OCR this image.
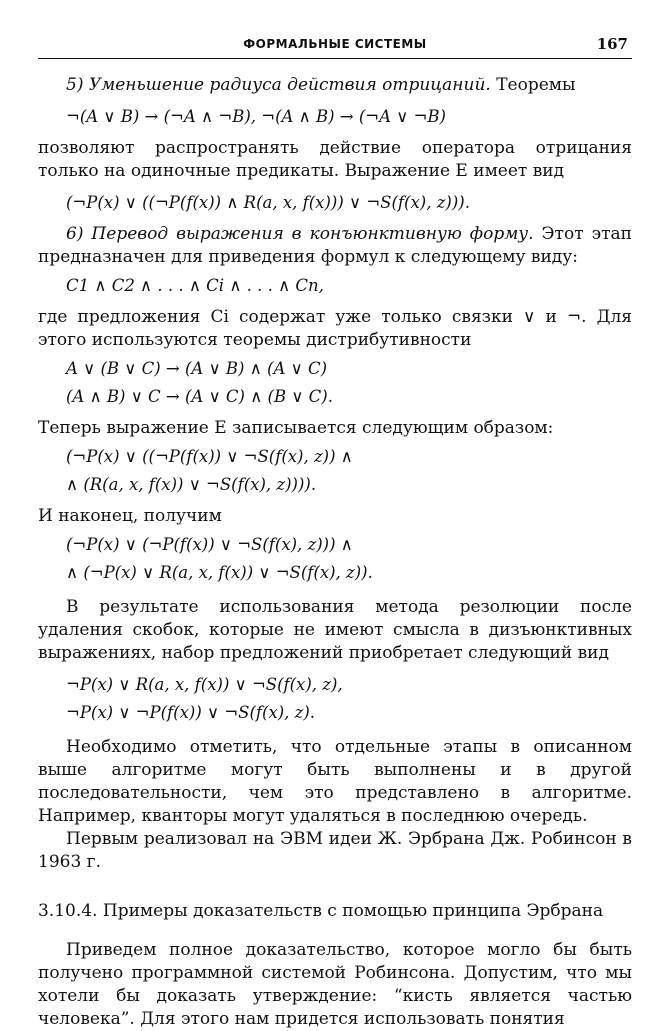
ФОРМАЛЬНЫЕ СИСТЕМЫ	167

5) Уменьшение радиуса действия отрицаний. Теоремы

¬(A ∨ B) → (¬A ∧ ¬B), ¬(A ∧ B) → (¬A ∨ ¬B)

позволяют распространять действие оператора отрицания только на одиночные предикаты. Выражение E имеет вид

(¬P(x) ∨ ((¬P(f(x)) ∧ R(a, x, f(x))) ∨ ¬S(f(x), z))).

6) Перевод выражения в конъюнктивную форму. Этот этап предназначен для приведения формул к следующему виду:

C1 ∧ C2 ∧ . . . ∧ Ci ∧ . . . ∧ Cn,

где предложения Ci содержат уже только связки ∨ и ¬. Для этого используются теоремы дистрибутивности

A ∨ (B ∨ C) → (A ∨ B) ∧ (A ∨ C)

(A ∧ B) ∨ C → (A ∨ C) ∧ (B ∨ C).

Теперь выражение E записывается следующим образом:

(¬P(x) ∨ ((¬P(f(x)) ∨ ¬S(f(x), z)) ∧

∧ (R(a, x, f(x)) ∨ ¬S(f(x), z)))).

И наконец, получим

(¬P(x) ∨ (¬P(f(x)) ∨ ¬S(f(x), z))) ∧

∧ (¬P(x) ∨ R(a, x, f(x)) ∨ ¬S(f(x), z)).

В результате использования метода резолюции после удаления скобок, которые не имеют смысла в дизъюнктивных выражениях, набор предложений приобретает следующий вид

¬P(x) ∨ R(a, x, f(x)) ∨ ¬S(f(x), z),

¬P(x) ∨ ¬P(f(x)) ∨ ¬S(f(x), z).

Необходимо отметить, что отдельные этапы в описанном выше алгоритме могут быть выполнены и в другой последовательности, чем это представлено в алгоритме. Например, кванторы могут удаляться в последнюю очередь.

Первым реализовал на ЭВМ идеи Ж. Эрбрана Дж. Робинсон в 1963 г.

3.10.4. Примеры доказательств с помощью принципа Эрбрана

Приведем полное доказательство, которое могло бы быть получено программной системой Робинсона. Допустим, что мы хотели бы доказать утверждение: “кисть является частью человека”. Для этого нам придется использовать понятия
